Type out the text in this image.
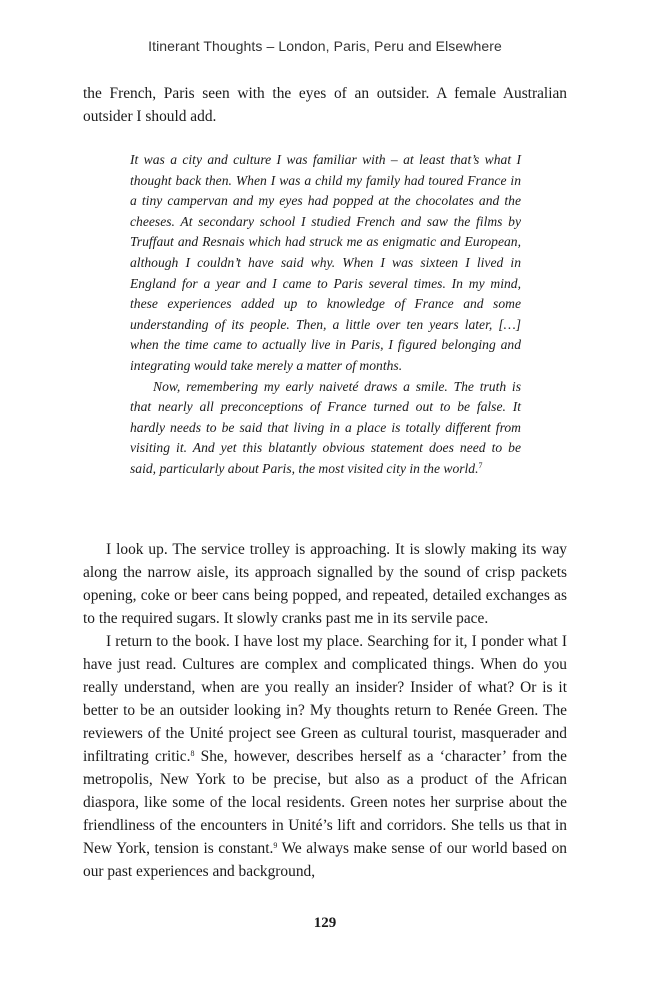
Itinerant Thoughts – London, Paris, Peru and Elsewhere

the French, Paris seen with the eyes of an outsider. A female Australian outsider I should add.

It was a city and culture I was familiar with – at least that’s what I thought back then. When I was a child my family had toured France in a tiny campervan and my eyes had popped at the chocolates and the cheeses. At secondary school I studied French and saw the films by Truffaut and Resnais which had struck me as enigmatic and European, although I couldn’t have said why. When I was sixteen I lived in England for a year and I came to Paris several times. In my mind, these experiences added up to knowledge of France and some understanding of its people. Then, a little over ten years later, […] when the time came to actually live in Paris, I figured belonging and integrating would take merely a matter of months.

Now, remembering my early naiveté draws a smile. The truth is that nearly all preconceptions of France turned out to be false. It hardly needs to be said that living in a place is totally different from visiting it. And yet this blatantly obvious statement does need to be said, particularly about Paris, the most visited city in the world.$^7$

I look up. The service trolley is approaching. It is slowly making its way along the narrow aisle, its approach signalled by the sound of crisp packets opening, coke or beer cans being popped, and repeated, detailed exchanges as to the required sugars. It slowly cranks past me in its servile pace.

I return to the book. I have lost my place. Searching for it, I ponder what I have just read. Cultures are complex and complicated things. When do you really understand, when are you really an insider? Insider of what? Or is it better to be an outsider looking in? My thoughts return to Renée Green. The reviewers of the Unité project see Green as cultural tourist, masquerader and infiltrating critic.$^8$ She, however, describes herself as a ‘character’ from the metropolis, New York to be precise, but also as a product of the African diaspora, like some of the local residents. Green notes her surprise about the friendliness of the encounters in Unité’s lift and corridors. She tells us that in New York, tension is constant.$^9$ We always make sense of our world based on our past experiences and background,

129
